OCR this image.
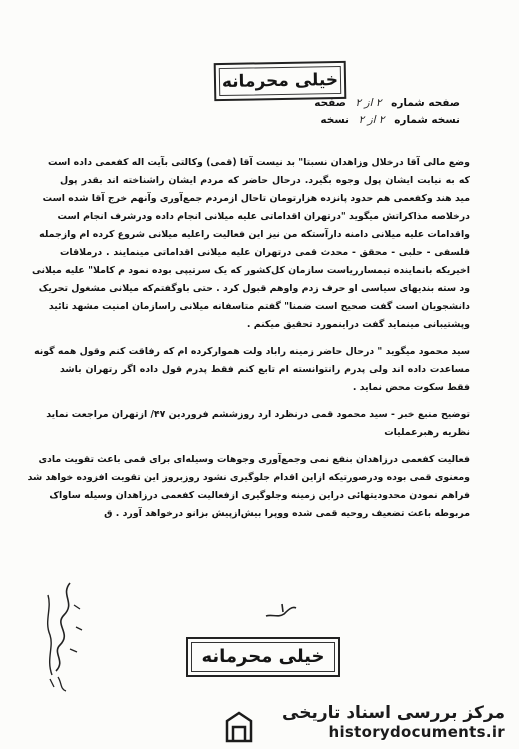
خیلی محرمانه
صفحه شماره ۲ از ۲ صفحه
نسخه شماره ۲ از ۲ نسخه
وضع مالی آقا درخلال وزاهدان نسبتا" بد نیست آقا (قمی) وکالتی بآیت اله کفعمی داده است
که به نیابت ایشان پول وجوه بگیرد. درحال حاضر که مردم ایشان راشناخته اند بقدر پول
مید هند وکفعمی هم حدود پانزده هزارتومان تاحال ازمردم جمع‌آوری وآنهم خرج آقا شده است
درخلاصه مذاکراتش میگوید "درتهران اقداماتی علیه میلانی انجام داده ودرشرف انجام است
واقدامات علیه میلانی دامنه دارآستکه من نیز این فعالیت راعلیه میلانی شروع کرده ام وازجمله
فلسفی - حلبی - محقق - محدث قمی درتهران علیه میلانی اقداماتی مینمایند . درملاقات
اخیریکه بانماینده تیمسارریاست سازمان کل‌کشور که یک سرتیپی بوده نمود م کاملا" علیه میلانی
ود سته بندیهای سیاسی او حرف زدم واوهم قبول کرد . حتی باوگفتم‌که میلانی مشغول تحریک
دانشجویان است گفت صحیح است ضمنا" گفتم متاسفانه میلانی راسازمان امنیت مشهد تائید
وپشتیبانی مینماید گفت درا‌ینمورد تحقیق میکنم .
سید محمود میگوید " درحال حاضر زمینه راباد ولت هموارکرده ام که رفاقت کنم وقول همه گونه
مساعدت داده اند ولی پدرم رانتوانسته ام تابع کنم فقط پدرم قول داده اگر رتهران باشد
فقط سکوت محض نماید .
توضیح منبع خبر - سید محمود قمی درنظرد ارد روزششم فروردین ۴۷/ ازتهران مراجعت نماید
نظریه رهبرعملیات
فعالیت کفعمی درزاهدان بنفع نمی وجمع‌آوری وجوهات وسیله‌ای برای قمی باعث تقویت مادی
ومعنوی قمی بوده ودرصورتیکه ازاین اقدام جلوگیری نشود روزبروز این تقویت افزوده خواهد شد
فراهم نمودن محدودیتهائی دراین زمینه وجلوگیری ازفعالیت کفعمی درزاهدان وسیله ساواک
مربوطه باعث تضعیف روحیه قمی شده ووپرا بیش‌ازپیش بزانو درخواهد آورد . ق
خیلی محرمانه
مرکز بررسی اسناد تاریخی
historydocuments.ir
